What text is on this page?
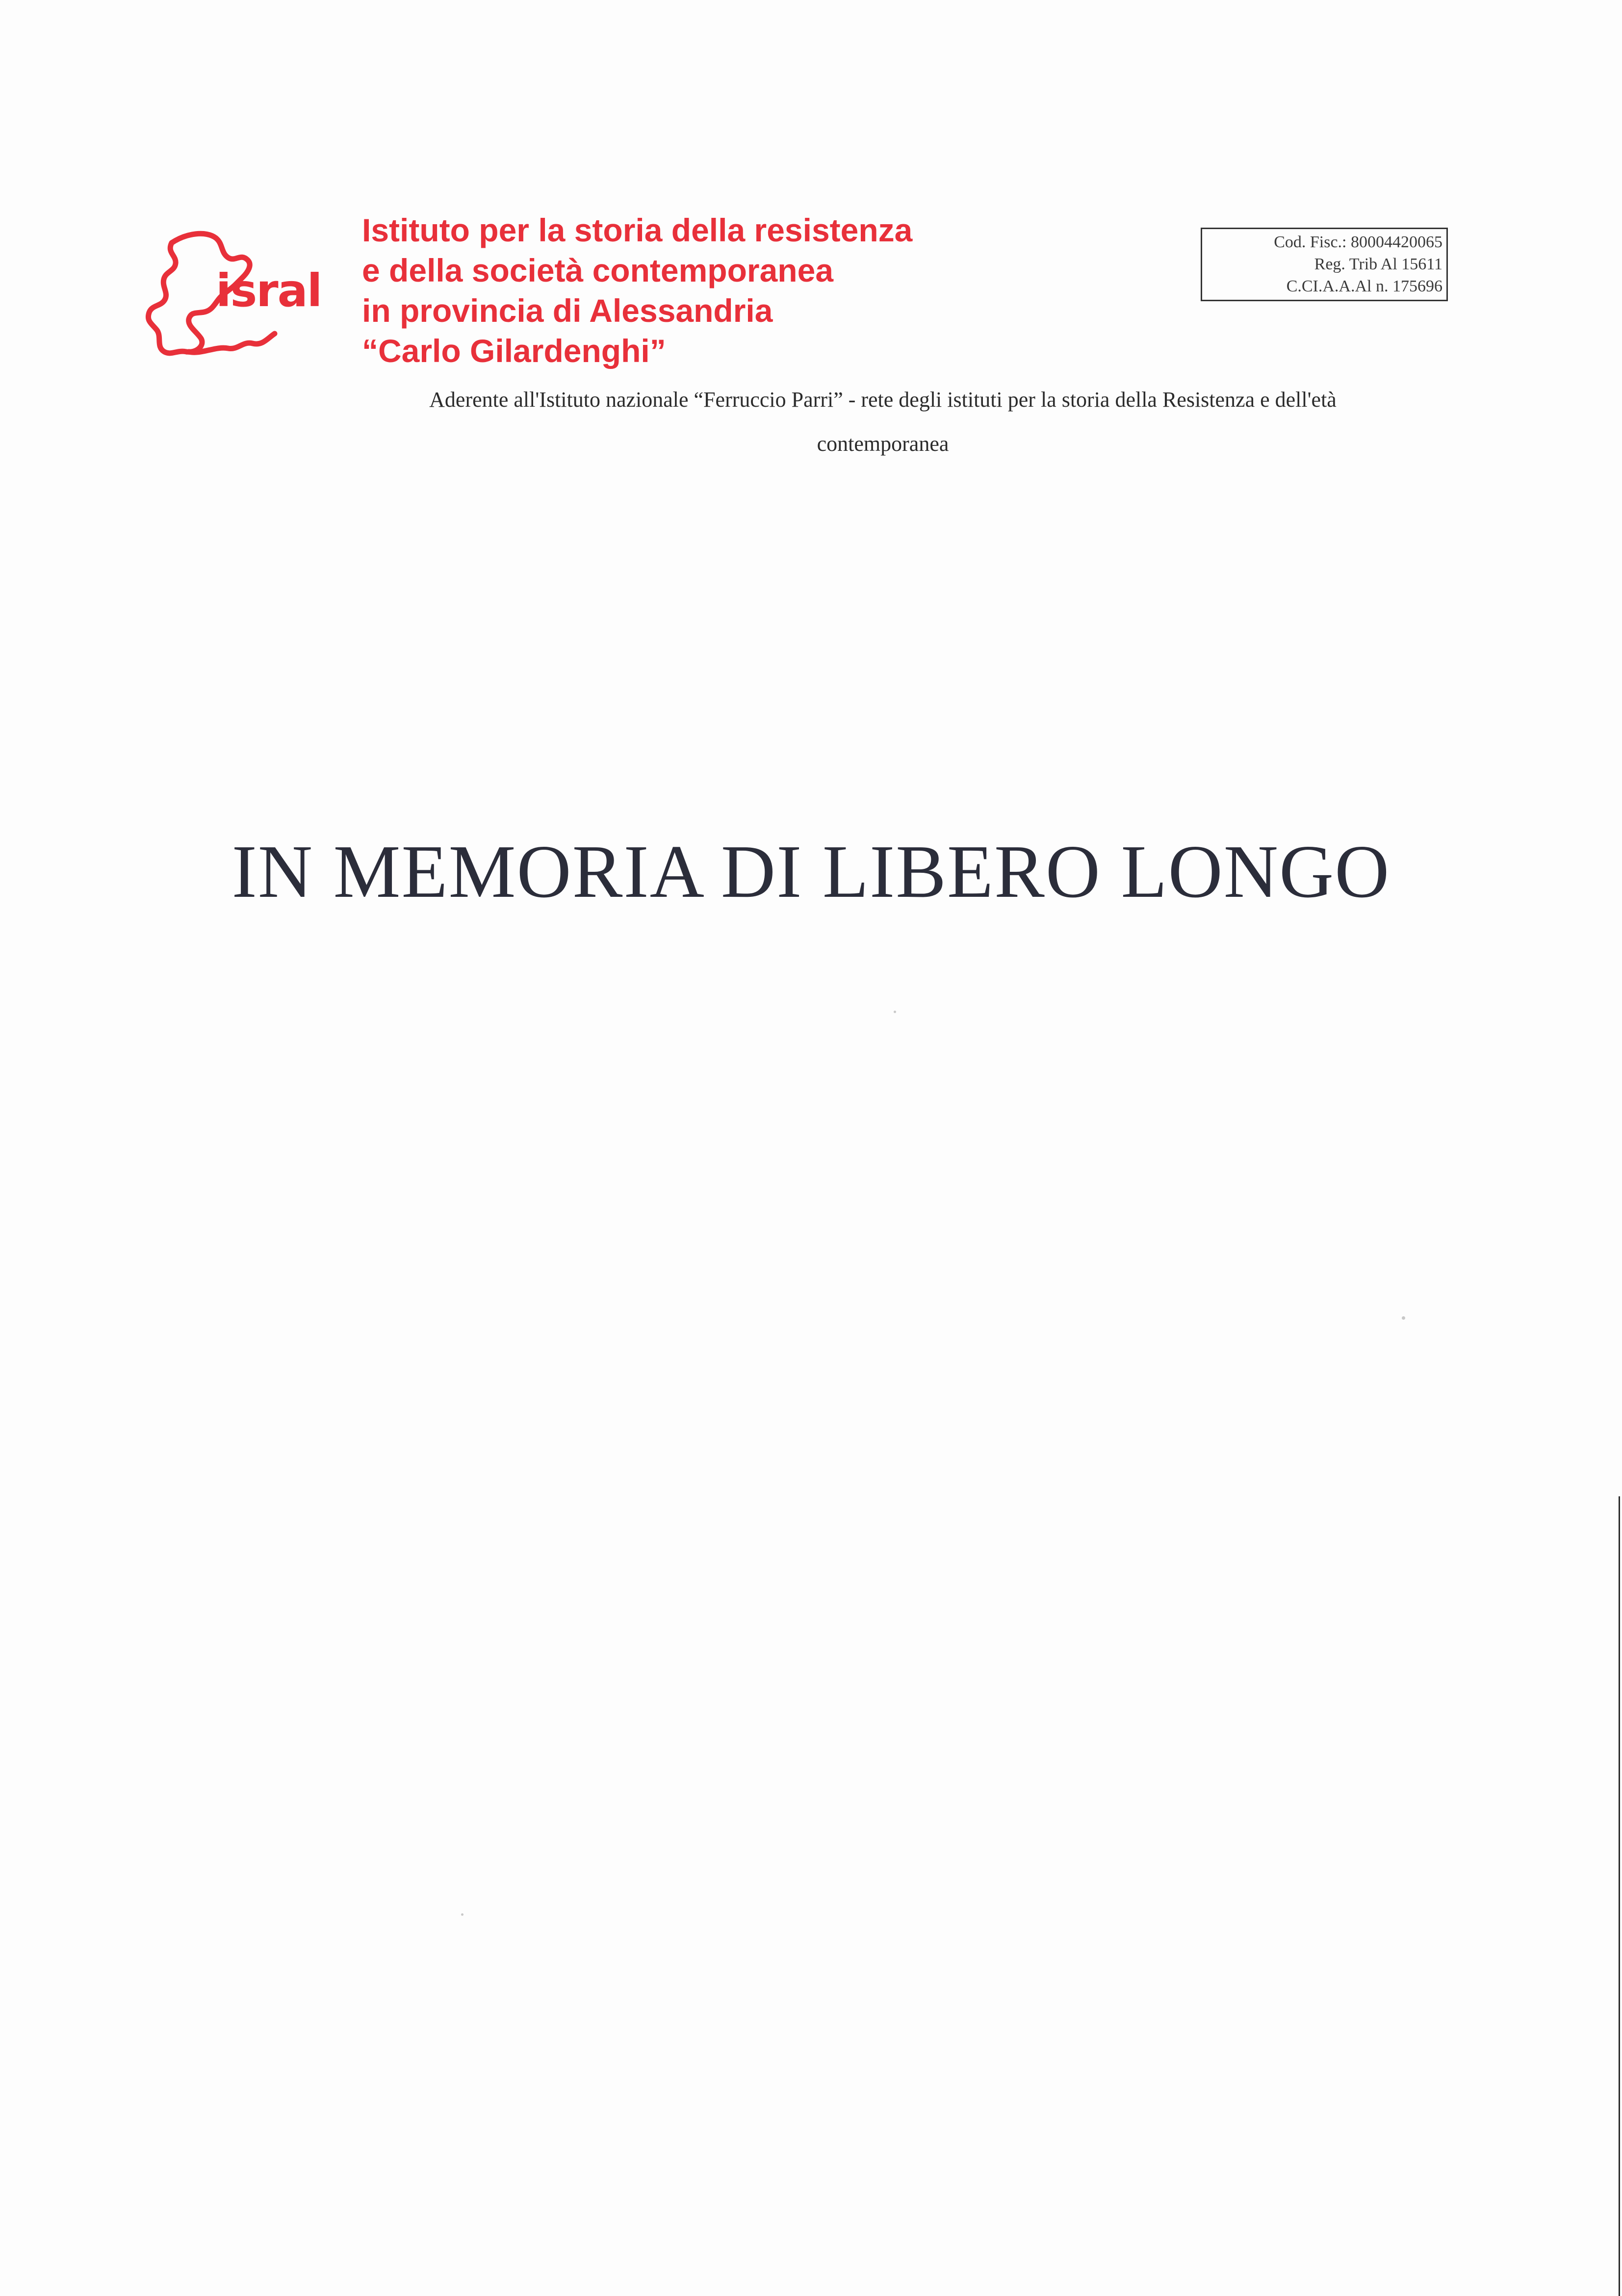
isral
Istituto per la storia della resistenza
e della società contemporanea
in provincia di Alessandria
“Carlo Gilardenghi”
Cod. Fisc.: 80004420065
Reg. Trib Al 15611
C.CI.A.A.Al n. 175696
Aderente all'Istituto nazionale “Ferruccio Parri” - rete degli istituti per la storia della Resistenza e dell'età
contemporanea
IN MEMORIA DI LIBERO LONGO
